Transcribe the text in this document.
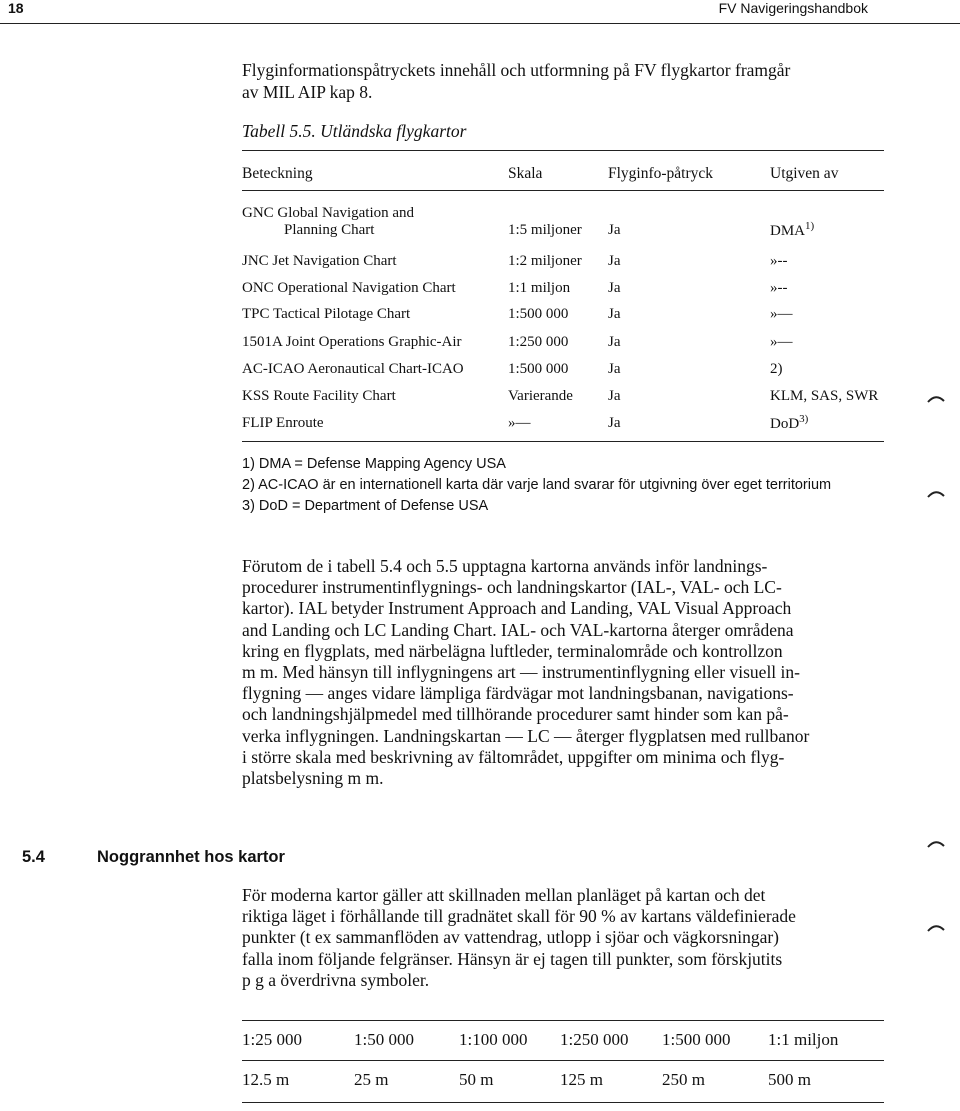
18	FV Navigeringshandbok
Flyginformationspåtryckets innehåll och utformning på FV flygkartor framgår
av MIL AIP kap 8.
Tabell 5.5. Utländska flygkartor
Beteckning	Skala	Flyginfo-påtryck	Utgiven av
GNC Global Navigation and
Planning Chart	1:5 miljoner Ja	DMA$^{1)}$
JNC Jet Navigation Chart	1:2 miljoner Ja	»--
ONC Operational Navigation Chart	1:1 miljon	Ja	»--
TPC Tactical Pilotage Chart	1:500 000	Ja	»—
1501A Joint Operations Graphic-Air	1:250 000	Ja	»—
AC-ICAO Aeronautical Chart-ICAO	1:500 000	Ja	2)
KSS Route Facility Chart	Varierande Ja	KLM, SAS, SWR
FLIP Enroute	»—	Ja	DoD$^{3)}$
1) DMA = Defense Mapping Agency USA
2) AC-ICAO är en internationell karta där varje land svarar för utgivning över eget territorium
3) DoD = Department of Defense USA
Förutom de i tabell 5.4 och 5.5 upptagna kartorna används inför landnings-
procedurer instrumentinflygnings- och landningskartor (IAL-, VAL- och LC-
kartor). IAL betyder Instrument Approach and Landing, VAL Visual Approach
and Landing och LC Landing Chart. IAL- och VAL-kartorna återger områdena
kring en flygplats, med närbelägna luftleder, terminalområde och kontrollzon
m m. Med hänsyn till inflygningens art — instrumentinflygning eller visuell in-
flygning — anges vidare lämpliga färdvägar mot landningsbanan, navigations-
och landningshjälpmedel med tillhörande procedurer samt hinder som kan på-
verka inflygningen. Landningskartan — LC — återger flygplatsen med rullbanor
i större skala med beskrivning av fältområdet, uppgifter om minima och flyg-
platsbelysning m m.
5.4	Noggrannhet hos kartor
För moderna kartor gäller att skillnaden mellan planläget på kartan och det
riktiga läget i förhållande till gradnätet skall för 90 % av kartans väldefinierade
punkter (t ex sammanflöden av vattendrag, utlopp i sjöar och vägkorsningar)
falla inom följande felgränser. Hänsyn är ej tagen till punkter, som förskjutits
p g a överdrivna symboler.
1:25 000	1:50 000	1:100 000 1:250 000 1:500 000 1:1 miljon
12.5 m	25 m	50 m	125 m	250 m	500 m
